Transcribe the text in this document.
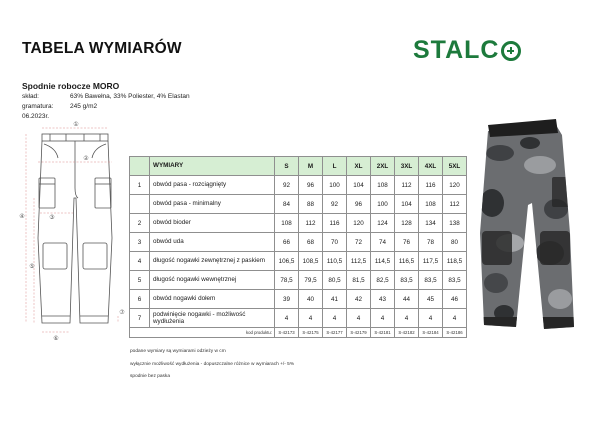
TABELA WYMIARÓW	STALC
Spodnie robocze MORO
skład:	63% Bawełna, 33% Poliester, 4% Elastan
gramatura:	245 g/m2
06.2023r.
①
②
③
④
⑤
⑥
⑦
	WYMIARY	S	M	L	XL	2XL	3XL	4XL	5XL
1	obwód pasa - rozciągnięty	92	96	100	104	108	112	116	120
	obwód pasa - minimalny	84	88	92	96	100	104	108	112
2	obwód bioder	108	112	116	120	124	128	134	138
3	obwód uda	66	68	70	72	74	76	78	80
4	długość nogawki zewnętrznej z paskiem	106,5	108,5	110,5	112,5	114,5	116,5	117,5	118,5
5	długość nogawki wewnętrznej	78,5	79,5	80,5	81,5	82,5	83,5	83,5	83,5
6	obwód nogawki dołem	39	40	41	42	43	44	45	46
7	podwinięcie nogawki - możliwość wydłużenia	4	4	4	4	4	4	4	4
kod produktu:		S-42173	S-42175	S-42177	S-42179	S-42181	S-42182	S-42184	S-42186
podane wymiary są wymiarami odzieży w cm
wyłącznie możliwość wydłużenia - dopuszczalne różnice w wymiarach +/- 5%
spodnie bez paska
